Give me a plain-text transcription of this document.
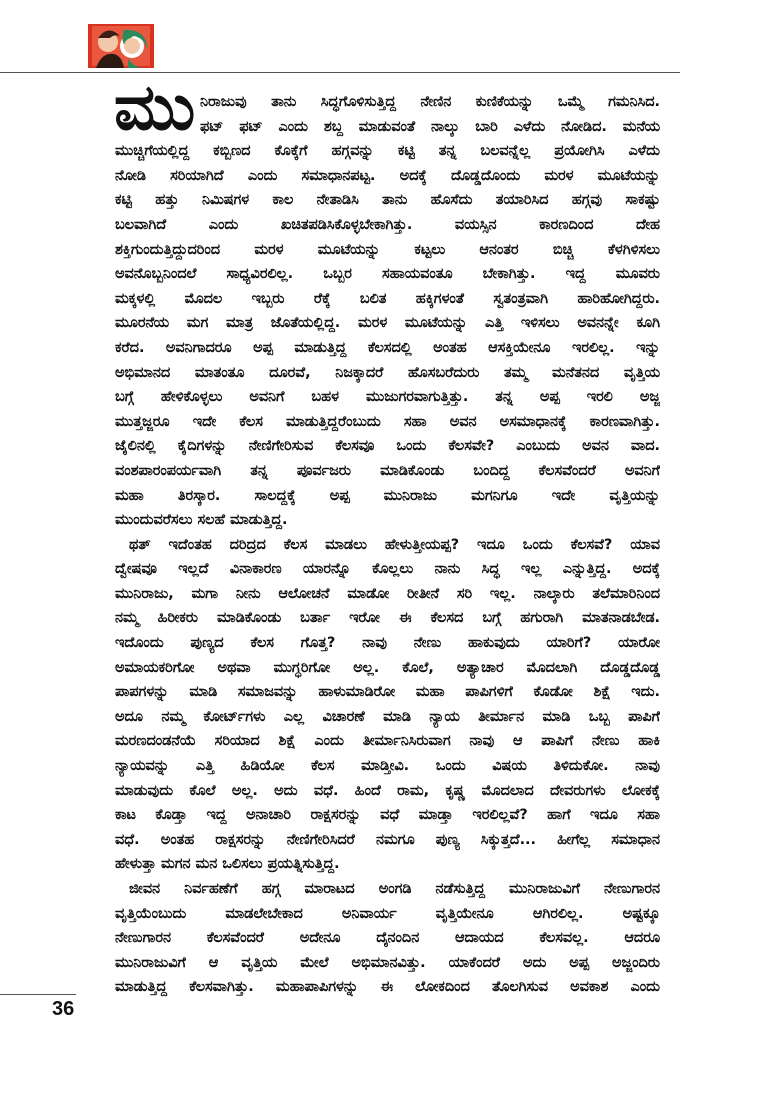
ಮು ನಿರಾಜುವು ತಾನು ಸಿದ್ಧಗೊಳಿಸುತ್ತಿದ್ದ ನೇಣಿನ ಕುಣಿಕೆಯನ್ನು ಒಮ್ಮೆ ಗಮನಿಸಿದ.
ಫಟ್ ಫಟ್ ಎಂದು ಶಬ್ದ ಮಾಡುವಂತೆ ನಾಲ್ಕು ಬಾರಿ ಎಳೆದು ನೋಡಿದ. ಮನೆಯ
ಮುಚ್ಚಿಗೆಯಲ್ಲಿದ್ದ ಕಬ್ಬಿಣದ ಕೊಕ್ಕೆಗೆ ಹಗ್ಗವನ್ನು ಕಟ್ಟಿ ತನ್ನ ಬಲವನ್ನೆಲ್ಲ ಪ್ರಯೋಗಿಸಿ ಎಳೆದು
ನೋಡಿ ಸರಿಯಾಗಿದೆ ಎಂದು ಸಮಾಧಾನಪಟ್ಟ. ಅದಕ್ಕೆ ದೊಡ್ಡದೊಂದು ಮರಳ ಮೂಟೆಯನ್ನು
ಕಟ್ಟಿ ಹತ್ತು ನಿಮಿಷಗಳ ಕಾಲ ನೇತಾಡಿಸಿ ತಾನು ಹೊಸೆದು ತಯಾರಿಸಿದ ಹಗ್ಗವು ಸಾಕಷ್ಟು
ಬಲವಾಗಿದೆ ಎಂದು ಖಚಿತಪಡಿಸಿಕೊಳ್ಳಬೇಕಾಗಿತ್ತು. ವಯಸ್ಸಿನ ಕಾರಣದಿಂದ ದೇಹ
ಶಕ್ತಿಗುಂದುತ್ತಿದ್ದುದರಿಂದ ಮರಳ ಮೂಟೆಯನ್ನು ಕಟ್ಟಲು ಆನಂತರ ಬಿಚ್ಚಿ ಕೆಳಗಿಳಿಸಲು
ಅವನೊಬ್ಬನಿಂದಲೆ ಸಾಧ್ಯವಿರಲಿಲ್ಲ. ಒಬ್ಬರ ಸಹಾಯವಂತೂ ಬೇಕಾಗಿತ್ತು. ಇದ್ದ ಮೂವರು
ಮಕ್ಕಳಲ್ಲಿ ಮೊದಲ ಇಬ್ಬರು ರೆಕ್ಕೆ ಬಲಿತ ಹಕ್ಕಿಗಳಂತೆ ಸ್ವತಂತ್ರವಾಗಿ ಹಾರಿಹೋಗಿದ್ದರು.
ಮೂರನೆಯ ಮಗ ಮಾತ್ರ ಜೊತೆಯಲ್ಲಿದ್ದ. ಮರಳ ಮೂಟೆಯನ್ನು ಎತ್ತಿ ಇಳಿಸಲು ಅವನನ್ನೇ ಕೂಗಿ
ಕರೆದ. ಅವನಿಗಾದರೂ ಅಪ್ಪ ಮಾಡುತ್ತಿದ್ದ ಕೆಲಸದಲ್ಲಿ ಅಂತಹ ಆಸಕ್ತಿಯೇನೂ ಇರಲಿಲ್ಲ. ಇನ್ನು
ಅಭಿಮಾನದ ಮಾತಂತೂ ದೂರವೆ, ನಿಜಕ್ಕಾದರೆ ಹೊಸಬರೆದುರು ತಮ್ಮ ಮನೆತನದ ವೃತ್ತಿಯ
ಬಗ್ಗೆ ಹೇಳಿಕೊಳ್ಳಲು ಅವನಿಗೆ ಬಹಳ ಮುಜುಗರವಾಗುತ್ತಿತ್ತು. ತನ್ನ ಅಪ್ಪ ಇರಲಿ ಅಜ್ಜ
ಮುತ್ತಜ್ಜರೂ ಇದೇ ಕೆಲಸ ಮಾಡುತ್ತಿದ್ದರೆಂಬುದು ಸಹಾ ಅವನ ಅಸಮಾಧಾನಕ್ಕೆ ಕಾರಣವಾಗಿತ್ತು.
ಜೈಲಿನಲ್ಲಿ ಕೈದಿಗಳನ್ನು ನೇಣಿಗೇರಿಸುವ ಕೆಲಸವೂ ಒಂದು ಕೆಲಸವೇ? ಎಂಬುದು ಅವನ ವಾದ.
ವಂಶಪಾರಂಪರ್ಯವಾಗಿ ತನ್ನ ಪೂರ್ವಜರು ಮಾಡಿಕೊಂಡು ಬಂದಿದ್ದ ಕೆಲಸವೆಂದರೆ ಅವನಿಗೆ
ಮಹಾ ತಿರಸ್ಕಾರ. ಸಾಲದ್ದಕ್ಕೆ ಅಪ್ಪ ಮುನಿರಾಜು ಮಗನಿಗೂ ಇದೇ ವೃತ್ತಿಯನ್ನು
ಮುಂದುವರೆಸಲು ಸಲಹೆ ಮಾಡುತ್ತಿದ್ದ.
ಥತ್ ಇದೆಂತಹ ದರಿದ್ರದ ಕೆಲಸ ಮಾಡಲು ಹೇಳುತ್ತೀಯಪ್ಪ? ಇದೂ ಒಂದು ಕೆಲಸವೆ? ಯಾವ
ದ್ವೇಷವೂ ಇಲ್ಲದೆ ವಿನಾಕಾರಣ ಯಾರನ್ನೊ ಕೊಲ್ಲಲು ನಾನು ಸಿದ್ಧ ಇಲ್ಲ ಎನ್ನುತ್ತಿದ್ದ. ಅದಕ್ಕೆ
ಮುನಿರಾಜು, ಮಗಾ ನೀನು ಆಲೋಚನೆ ಮಾಡೋ ರೀತೀನೆ ಸರಿ ಇಲ್ಲ. ನಾಲ್ಕಾರು ತಲೆಮಾರಿನಿಂದ
ನಮ್ಮ ಹಿರೀಕರು ಮಾಡಿಕೊಂಡು ಬರ್ತಾ ಇರೋ ಈ ಕೆಲಸದ ಬಗ್ಗೆ ಹಗುರಾಗಿ ಮಾತನಾಡಬೇಡ.
ಇದೊಂದು ಪುಣ್ಯದ ಕೆಲಸ ಗೊತ್ತ? ನಾವು ನೇಣು ಹಾಕುವುದು ಯಾರಿಗೆ? ಯಾರೋ
ಅಮಾಯಕರಿಗೋ ಅಥವಾ ಮುಗ್ಧರಿಗೋ ಅಲ್ಲ. ಕೊಲೆ, ಅತ್ಯಾಚಾರ ಮೊದಲಾಗಿ ದೊಡ್ಡದೊಡ್ಡ
ಪಾಪಗಳನ್ನು ಮಾಡಿ ಸಮಾಜವನ್ನು ಹಾಳುಮಾಡಿರೋ ಮಹಾ ಪಾಪಿಗಳಿಗೆ ಕೊಡೋ ಶಿಕ್ಷೆ ಇದು.
ಅದೂ ನಮ್ಮ ಕೋರ್ಟ್‌ಗಳು ಎಲ್ಲ ವಿಚಾರಣೆ ಮಾಡಿ ನ್ಯಾಯ ತೀರ್ಮಾನ ಮಾಡಿ ಒಬ್ಬ ಪಾಪಿಗೆ
ಮರಣದಂಡನೆಯೆ ಸರಿಯಾದ ಶಿಕ್ಷೆ ಎಂದು ತೀರ್ಮಾನಿಸಿರುವಾಗ ನಾವು ಆ ಪಾಪಿಗೆ ನೇಣು ಹಾಕಿ
ನ್ಯಾಯವನ್ನು ಎತ್ತಿ ಹಿಡಿಯೋ ಕೆಲಸ ಮಾಡ್ತೀವಿ. ಒಂದು ವಿಷಯ ತಿಳಿದುಕೋ. ನಾವು
ಮಾಡುವುದು ಕೊಲೆ ಅಲ್ಲ. ಅದು ವಧೆ. ಹಿಂದೆ ರಾಮ, ಕೃಷ್ಣ ಮೊದಲಾದ ದೇವರುಗಳು ಲೋಕಕ್ಕೆ
ಕಾಟ ಕೊಡ್ತಾ ಇದ್ದ ಅನಾಚಾರಿ ರಾಕ್ಷಸರನ್ನು ವಧೆ ಮಾಡ್ತಾ ಇರಲಿಲ್ಲವೆ? ಹಾಗೆ ಇದೂ ಸಹಾ
ವಧೆ. ಅಂತಹ ರಾಕ್ಷಸರನ್ನು ನೇಣಿಗೇರಿಸಿದರೆ ನಮಗೂ ಪುಣ್ಯ ಸಿಕ್ಕುತ್ತದೆ... ಹೀಗೆಲ್ಲ ಸಮಾಧಾನ
ಹೇಳುತ್ತಾ ಮಗನ ಮನ ಒಲಿಸಲು ಪ್ರಯತ್ನಿಸುತ್ತಿದ್ದ.
ಜೀವನ ನಿರ್ವಹಣೆಗೆ ಹಗ್ಗ ಮಾರಾಟದ ಅಂಗಡಿ ನಡೆಸುತ್ತಿದ್ದ ಮುನಿರಾಜುವಿಗೆ ನೇಣುಗಾರನ
ವೃತ್ತಿಯೆಂಬುದು ಮಾಡಲೇಬೇಕಾದ ಅನಿವಾರ್ಯ ವೃತ್ತಿಯೇನೂ ಆಗಿರಲಿಲ್ಲ. ಅಷ್ಟಕ್ಕೂ
ನೇಣುಗಾರನ ಕೆಲಸವೆಂದರೆ ಅದೇನೂ ದೈನಂದಿನ ಆದಾಯದ ಕೆಲಸವಲ್ಲ. ಆದರೂ
ಮುನಿರಾಜುವಿಗೆ ಆ ವೃತ್ತಿಯ ಮೇಲೆ ಅಭಿಮಾನವಿತ್ತು. ಯಾಕೆಂದರೆ ಅದು ಅಪ್ಪ ಅಜ್ಜಂದಿರು
ಮಾಡುತ್ತಿದ್ದ ಕೆಲಸವಾಗಿತ್ತು. ಮಹಾಪಾಪಿಗಳನ್ನು ಈ ಲೋಕದಿಂದ ತೊಲಗಿಸುವ ಅವಕಾಶ ಎಂದು
36
